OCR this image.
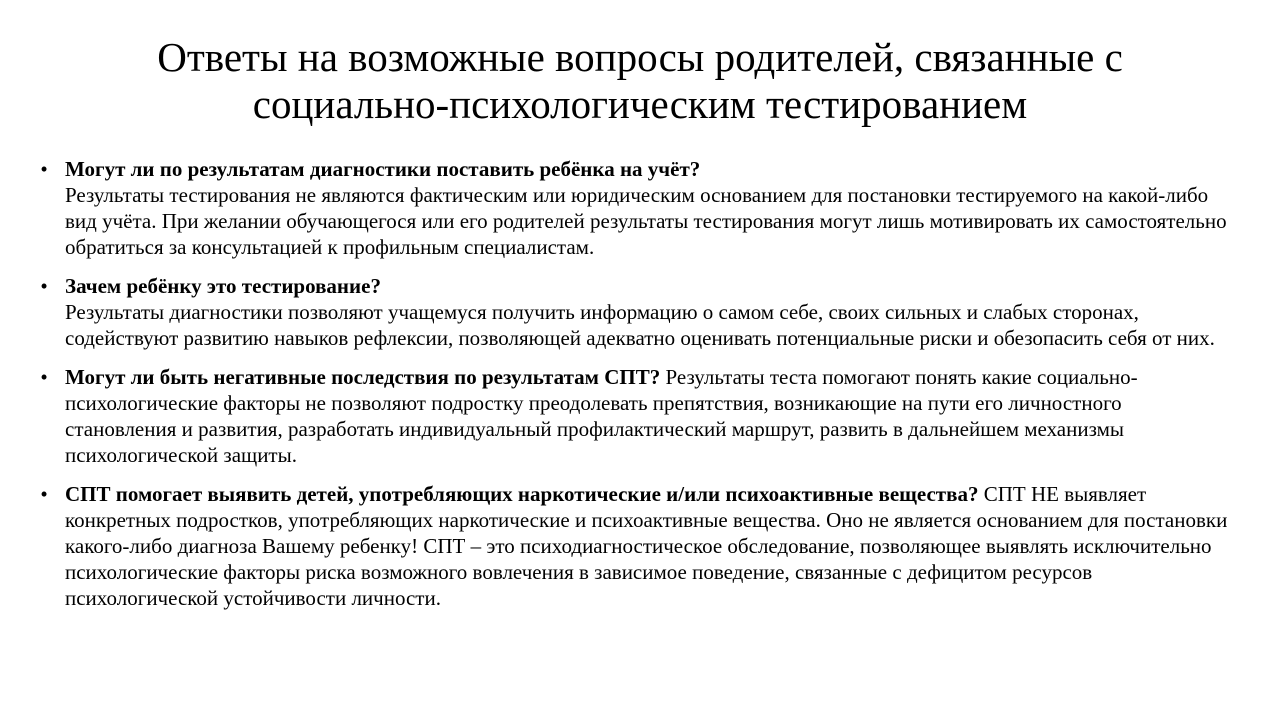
Ответы на возможные вопросы родителей, связанные с
социально-психологическим тестированием
• Могут ли по результатам диагностики поставить ребёнка на учёт?
Результаты тестирования не являются фактическим или юридическим основанием для постановки тестируемого на какой-либо вид учёта. При желании обучающегося или его родителей результаты тестирования могут лишь мотивировать их самостоятельно обратиться за консультацией к профильным специалистам.
• Зачем ребёнку это тестирование?
Результаты диагностики позволяют учащемуся получить информацию о самом себе, своих сильных и слабых сторонах, содействуют развитию навыков рефлексии, позволяющей адекватно оценивать потенциальные риски и обезопасить себя от них.
• Могут ли быть негативные последствия по результатам СПТ? Результаты теста помогают понять какие социально-психологические факторы не позволяют подростку преодолевать препятствия, возникающие на пути его личностного становления и развития, разработать индивидуальный профилактический маршрут, развить в дальнейшем механизмы психологической защиты.
• СПТ помогает выявить детей, употребляющих наркотические и/или психоактивные вещества? СПТ НЕ выявляет конкретных подростков, употребляющих наркотические и психоактивные вещества. Оно не является основанием для постановки какого-либо диагноза Вашему ребенку! СПТ – это психодиагностическое обследование, позволяющее выявлять исключительно психологические факторы риска возможного вовлечения в зависимое поведение, связанные с дефицитом ресурсов психологической устойчивости личности.
